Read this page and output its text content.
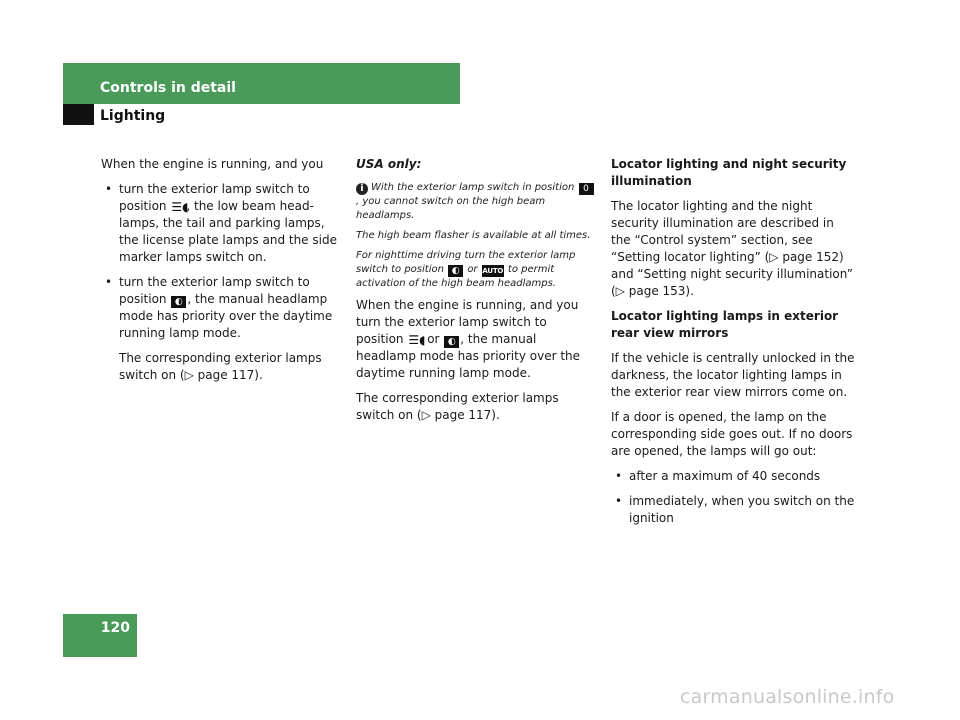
Controls in detail
Lighting

When the engine is running, and you

• turn the exterior lamp switch to position ☰◖, the low beam headlamps, the tail and parking lamps, the license plate lamps and the side marker lamps switch on.
• turn the exterior lamp switch to position ◐ , the manual headlamp mode has priority over the daytime running lamp mode.

The corresponding exterior lamps switch on (▷ page 117).

USA only:

i With the exterior lamp switch in position 0, you cannot switch on the high beam headlamps.

The high beam flasher is available at all times.

For nighttime driving turn the exterior lamp switch to position ◐ or AUTO to permit activation of the high beam headlamps.

When the engine is running, and you turn the exterior lamp switch to position ☰◖ or ◐ , the manual headlamp mode has priority over the daytime running lamp mode.

The corresponding exterior lamps switch on (▷ page 117).

Locator lighting and night security illumination

The locator lighting and the night security illumination are described in the “Control system” section, see “Setting locator lighting” (▷ page 152) and “Setting night security illumination” (▷ page 153).

Locator lighting lamps in exterior rear view mirrors

If the vehicle is centrally unlocked in the darkness, the locator lighting lamps in the exterior rear view mirrors come on.

If a door is opened, the lamp on the corresponding side goes out. If no doors are opened, the lamps will go out:

• after a maximum of 40 seconds
• immediately, when you switch on the ignition
120
carmanualsonline.info
